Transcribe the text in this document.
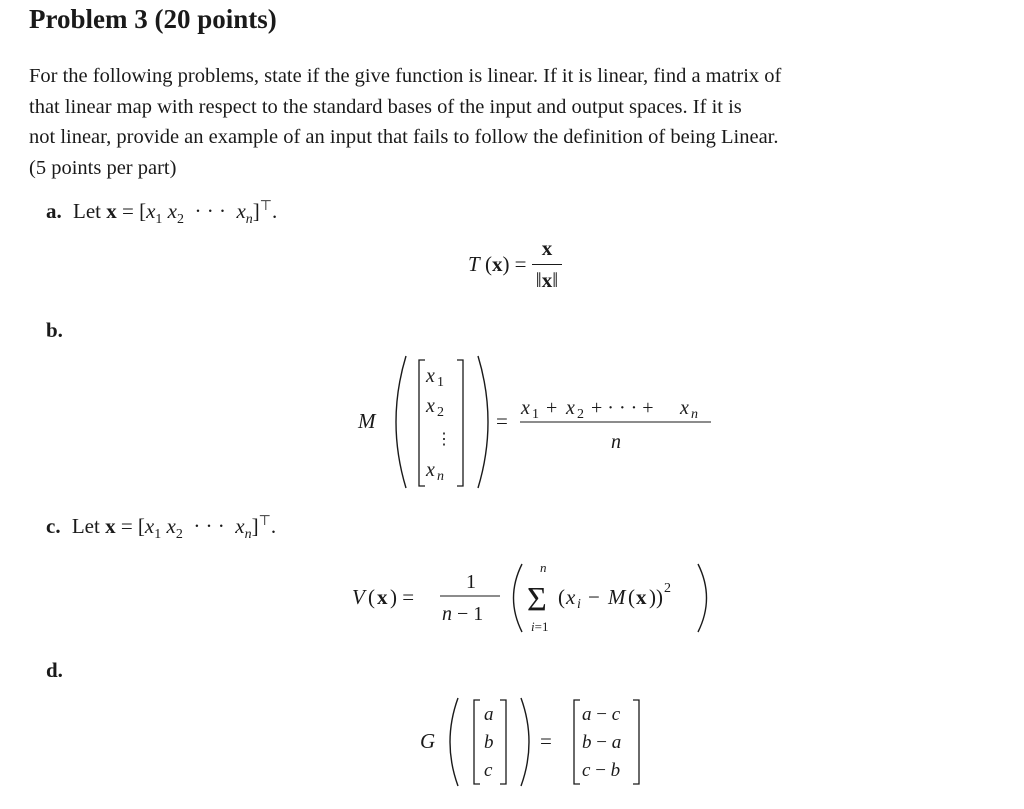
Problem 3 (20 points)
For the following problems, state if the give function is linear. If it is linear, find a matrix of
that linear map with respect to the standard bases of the input and output spaces. If it is
not linear, provide an example of an input that fails to follow the definition of being Linear.
(5 points per part)
a. Let $x = [x_1$ $x_2$  · · ·  $x_n]^⊤$.
T $(x) = \frac{x}{‖x‖}$
b.
M
x 1
x 2
⋮
x n
=
x 1 + x 2 + · · · + x n
n
c. Let $x = [x_1$ $x_2$  · · ·  $x_n]^⊤$.
V ( x ) =
1
n − 1
n
Σ
i=1
( x i − M ( x )) 2
d.
G
a
b
c
=
a − c
b − a
c − b
